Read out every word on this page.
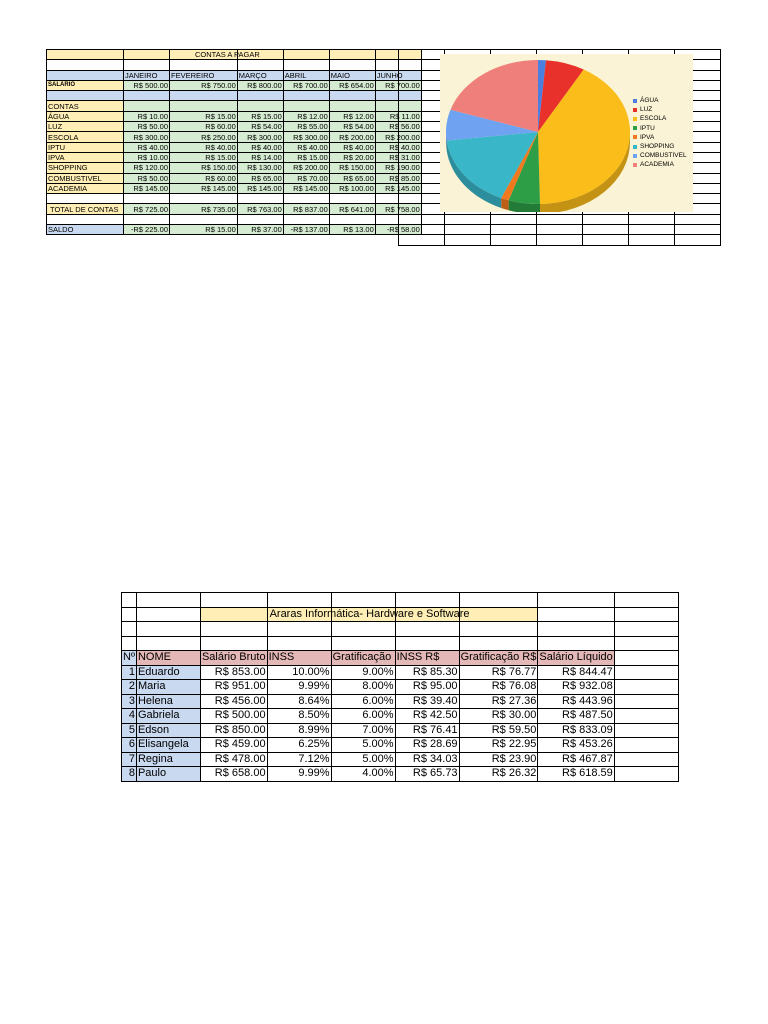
		CONTAS A PAGAR				

	JANEIRO	FEVEREIRO	MARÇO	ABRIL	MAIO	JUNHO
SALÁRIO	R$ 500.00	R$ 750.00	R$ 800.00	R$ 700.00	R$ 654.00	R$ 700.00

CONTAS						
ÁGUA	R$ 10.00	R$ 15.00	R$ 15.00	R$ 12.00	R$ 12.00	R$ 11.00
LUZ	R$ 50.00	R$ 60.00	R$ 54.00	R$ 55.00	R$ 54.00	R$ 56.00
ESCOLA	R$ 300.00	R$ 250.00	R$ 300.00	R$ 300.00	R$ 200.00	R$ 200.00
IPTU	R$ 40.00	R$ 40.00	R$ 40.00	R$ 40.00	R$ 40.00	R$ 40.00
IPVA	R$ 10.00	R$ 15.00	R$ 14.00	R$ 15.00	R$ 20.00	R$ 31.00
SHOPPING	R$ 120.00	R$ 150.00	R$ 130.00	R$ 200.00	R$ 150.00	R$ 190.00
COMBUSTIVEL	R$ 50.00	R$ 60.00	R$ 65.00	R$ 70.00	R$ 65.00	R$ 85.00
ACADEMIA	R$ 145.00	R$ 145.00	R$ 145.00	R$ 145.00	R$ 100.00	R$ 145.00

TOTAL DE CONTAS	R$ 725.00	R$ 735.00	R$ 763.00	R$ 837.00	R$ 641.00	R$ 758.00

SALDO	-R$ 225.00	R$ 15.00	R$ 37.00	-R$ 137.00	R$ 13.00	-R$ 58.00

ÁGUA
LUZ
ESCOLA
IPTU
IPVA
SHOPPING
COMBUSTIVEL
ACADEMIA

			Araras Informática- Hardware e Software					

Nº	NOME	Salário Bruto	INSS	Gratificação	INSS R$	Gratificação R$	Salário Líquido	
1	Eduardo	R$ 853.00	10.00%	9.00%	R$ 85.30	R$ 76.77	R$ 844.47	
2	Maria	R$ 951.00	9.99%	8.00%	R$ 95.00	R$ 76.08	R$ 932.08	
3	Helena	R$ 456.00	8.64%	6.00%	R$ 39.40	R$ 27.36	R$ 443.96	
4	Gabriela	R$ 500.00	8.50%	6.00%	R$ 42.50	R$ 30.00	R$ 487.50	
5	Edson	R$ 850.00	8.99%	7.00%	R$ 76.41	R$ 59.50	R$ 833.09	
6	Elisangela	R$ 459.00	6.25%	5.00%	R$ 28.69	R$ 22.95	R$ 453.26	
7	Regina	R$ 478.00	7.12%	5.00%	R$ 34.03	R$ 23.90	R$ 467.87	
8	Paulo	R$ 658.00	9.99%	4.00%	R$ 65.73	R$ 26.32	R$ 618.59	
